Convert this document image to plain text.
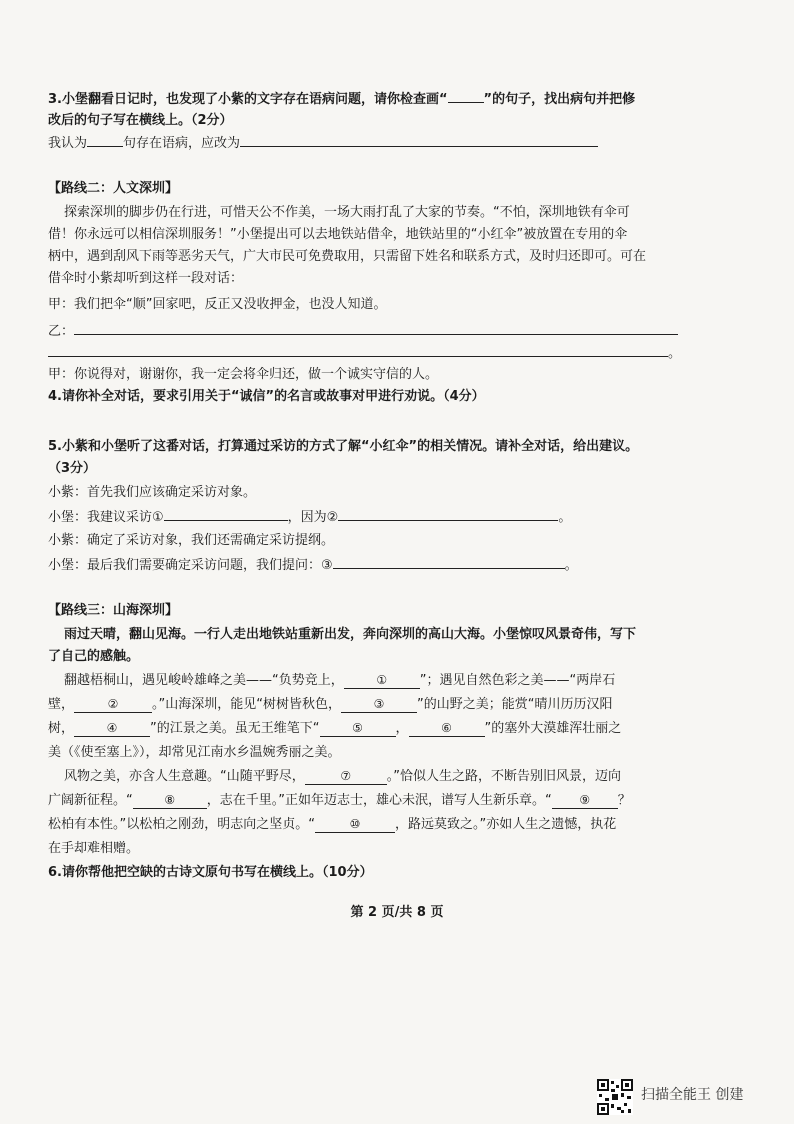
3.小堡翻看日记时，也发现了小紫的文字存在语病问题，请你检查画“	”的句子，找出病句并把修
改后的句子写在横线上。（2分）
我认为	句存在语病，应改为
【路线二：人文深圳】
探索深圳的脚步仍在行进，可惜天公不作美，一场大雨打乱了大家的节奏。“不怕，深圳地铁有伞可
借！你永远可以相信深圳服务！”小堡提出可以去地铁站借伞，地铁站里的“小红伞”被放置在专用的伞
柄中，遇到刮风下雨等恶劣天气，广大市民可免费取用，只需留下姓名和联系方式，及时归还即可。可在
借伞时小紫却听到这样一段对话：
甲：我们把伞“顺”回家吧，反正又没收押金，也没人知道。
乙：
。
甲：你说得对，谢谢你，我一定会将伞归还，做一个诚实守信的人。
4.请你补全对话，要求引用关于“诚信”的名言或故事对甲进行劝说。（4分）
5.小紫和小堡听了这番对话，打算通过采访的方式了解“小红伞”的相关情况。请补全对话，给出建议。
（3分）
小紫：首先我们应该确定采访对象。
小堡：我建议采访①	，因为②	。
小紫：确定了采访对象，我们还需确定采访提纲。
小堡：最后我们需要确定采访问题，我们提问：③	。
【路线三：山海深圳】
雨过天晴，翻山见海。一行人走出地铁站重新出发，奔向深圳的高山大海。小堡惊叹风景奇伟，写下
了自己的感触。
翻越梧桐山，遇见峻岭雄峰之美——“负势竞上，	①	”；遇见自然色彩之美——“两岸石
壁，	②	。”山海深圳，能见“树树皆秋色，	③	”的山野之美；能赏“晴川历历汉阳
树，	④	”的江景之美。虽无王维笔下“	⑤	，	⑥	”的塞外大漠雄浑壮丽之
美（《使至塞上》），却常见江南水乡温婉秀丽之美。
风物之美，亦含人生意趣。“山随平野尽，	⑦	。”恰似人生之路，不断告别旧风景，迈向
广阔新征程。“	⑧ ，志在千里。”正如年迈志士，雄心未泯，谱写人生新乐章。“ ⑨ ？
松柏有本性。”以松柏之刚劲，明志向之坚贞。“	⑩	，路远莫致之。”亦如人生之遗憾，执花
在手却难相赠。
6.请你帮他把空缺的古诗文原句书写在横线上。（10分）
第 2 页/共 8 页
扫描全能王 创建
